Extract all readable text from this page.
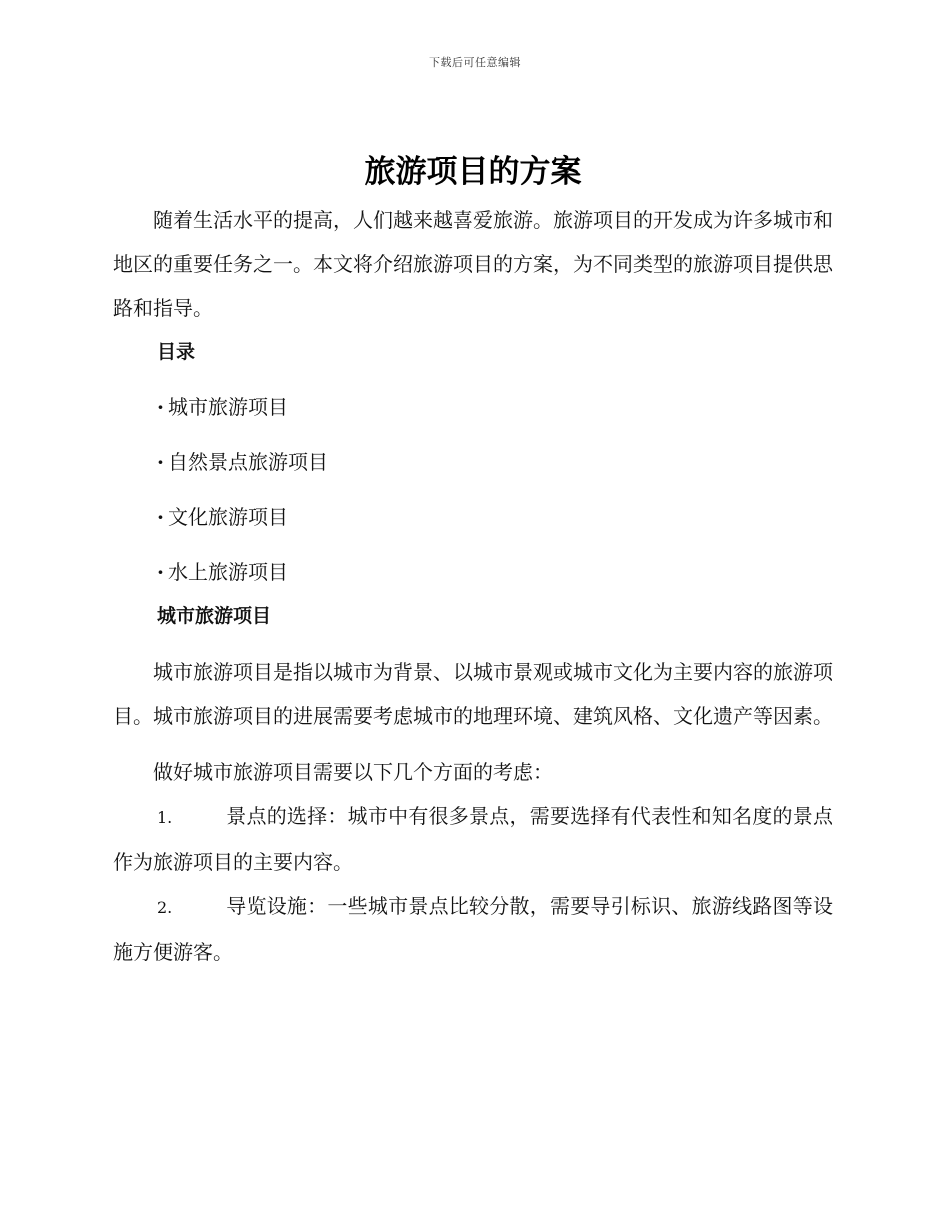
下载后可任意编辑
旅游项目的方案

随着生活水平的提高，人们越来越喜爱旅游。旅游项目的开发成为许多城市和地区的重要任务之一。本文将介绍旅游项目的方案，为不同类型的旅游项目提供思路和指导。

目录
· 城市旅游项目
· 自然景点旅游项目
· 文化旅游项目
· 水上旅游项目
城市旅游项目

城市旅游项目是指以城市为背景、以城市景观或城市文化为主要内容的旅游项目。城市旅游项目的进展需要考虑城市的地理环境、建筑风格、文化遗产等因素。

做好城市旅游项目需要以下几个方面的考虑：

1.	景点的选择：城市中有很多景点，需要选择有代表性和知名度的景点作为旅游项目的主要内容。

2.	导览设施：一些城市景点比较分散，需要导引标识、旅游线路图等设施方便游客。
